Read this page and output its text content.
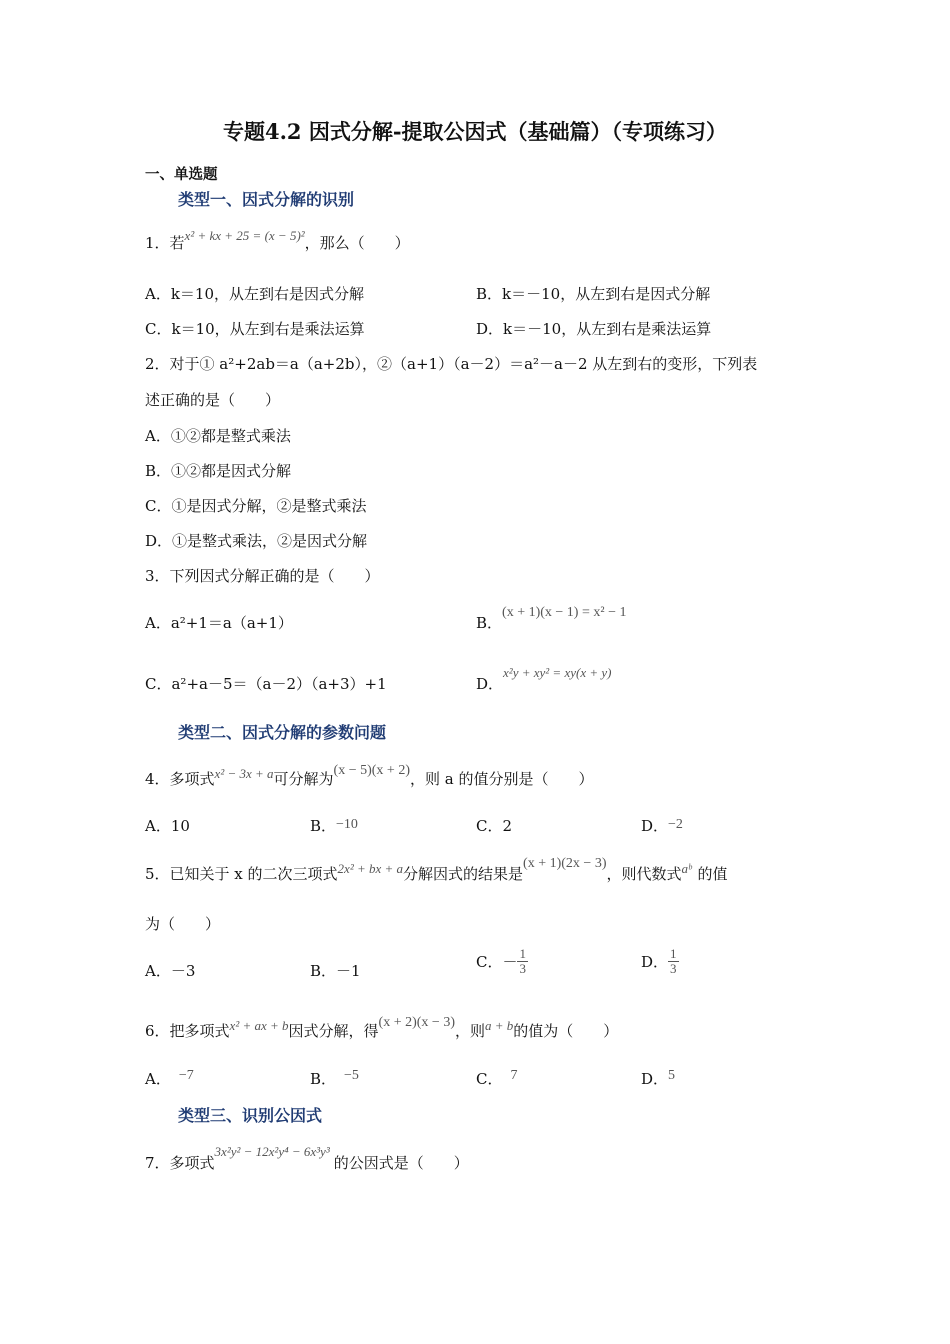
专题4.2 因式分解-提取公因式（基础篇）（专项练习）
一、单选题
类型一、因式分解的识别
1．若x² + kx + 25 = (x − 5)²，那么（　　）
A．k＝10，从左到右是因式分解	B．k＝－10，从左到右是因式分解
C．k＝10，从左到右是乘法运算	D．k＝－10，从左到右是乘法运算
2．对于① a²+2ab＝a（a+2b），②（a+1）（a－2）＝a²－a－2 从左到右的变形，下列表
述正确的是（　　）
A．①②都是整式乘法
B．①②都是因式分解
C．①是因式分解，②是整式乘法
D．①是整式乘法，②是因式分解
3．下列因式分解正确的是（　　）
A．a²+1＝a（a+1）	B．(x + 1)(x − 1) = x² − 1
C．a²+a－5＝（a－2）（a+3）+1	D．x²y + xy² = xy(x + y)
类型二、因式分解的参数问题
4．多项式x² − 3x + a可分解为(x − 5)(x + 2)，则 a 的值分别是（　　）
A．10	B．−10	C．2	D．−2
5．已知关于 x 的二次三项式2x² + bx + a分解因式的结果是(x + 1)(2x − 3)，则代数式aᵇ 的值
为（　　）
A．－3	B．－1	C．－ $\frac{1}{3}$	D． $\frac{1}{3}$
6．把多项式x² + ax + b因式分解，得(x + 2)(x − 3)，则a + b的值为（　　）
A． −7	B． −5	C． 7	D．5
类型三、识别公因式
7．多项式3x²y² − 12x²y⁴ − 6x³y³的公因式是（　　）
